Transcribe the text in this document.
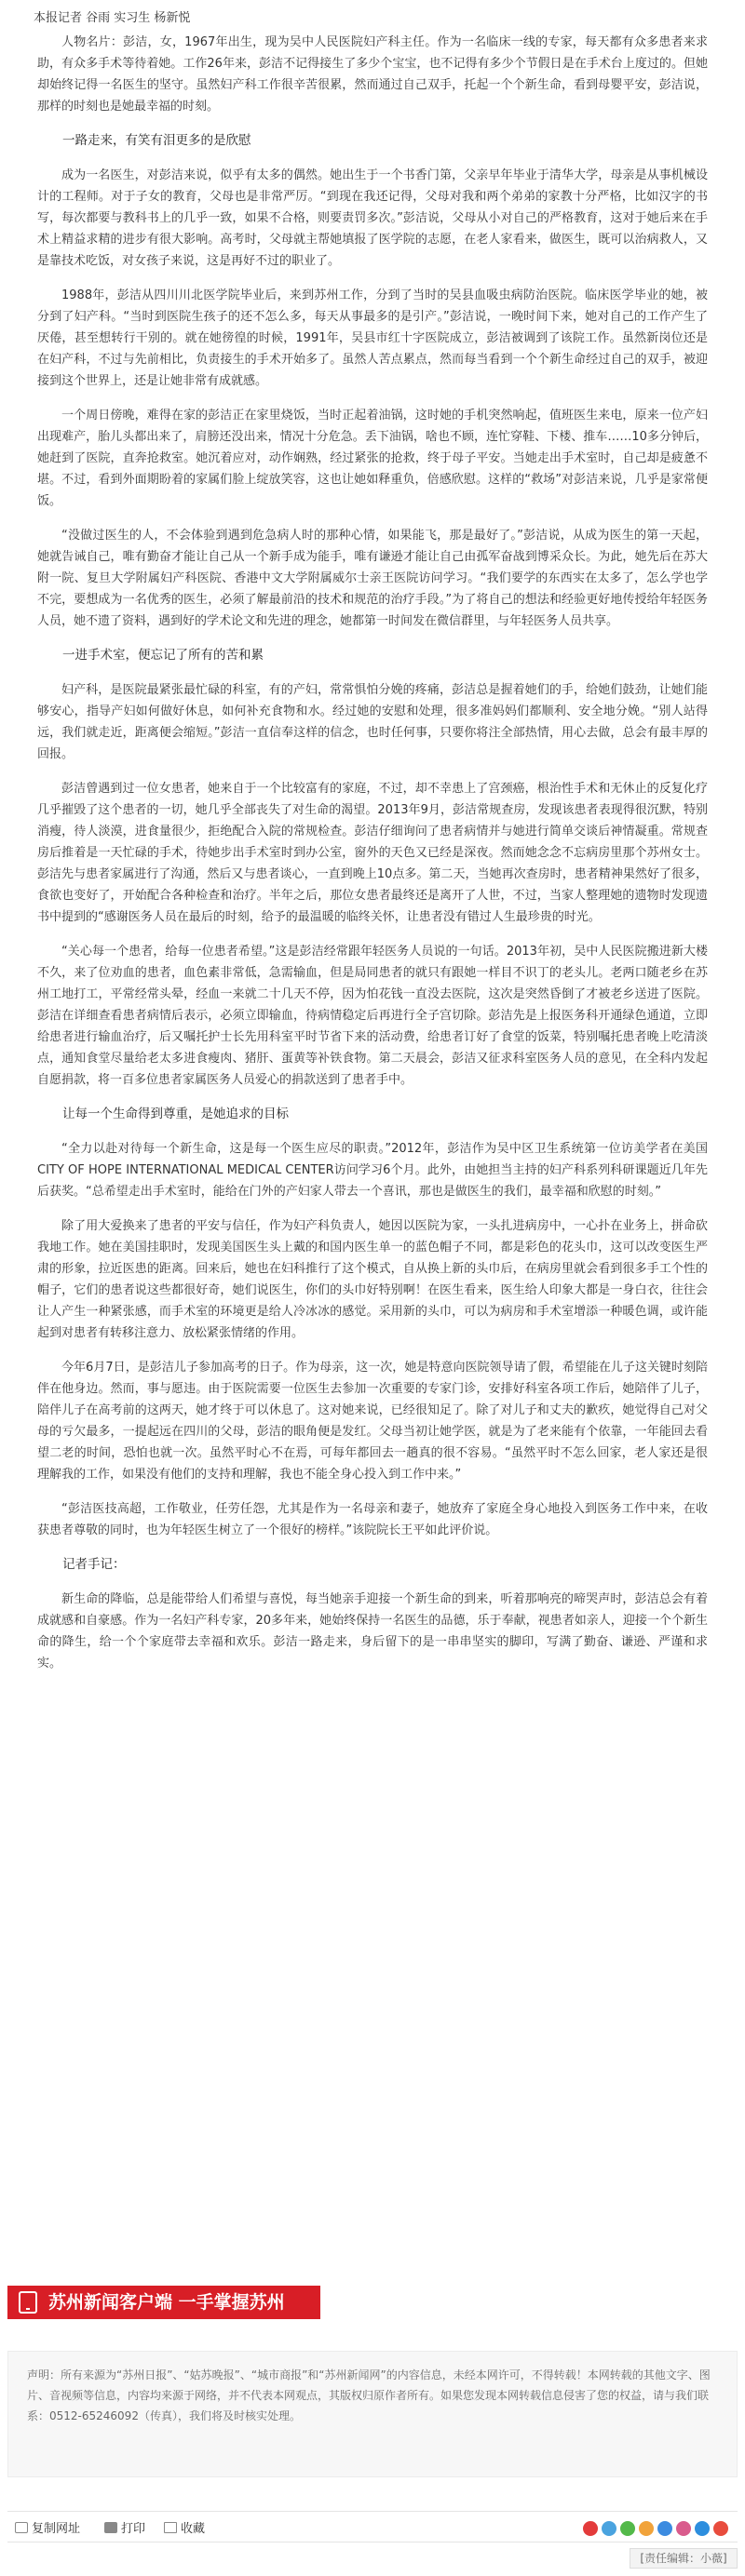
本报记者 谷雨 实习生 杨新悦

人物名片：彭洁，女，1967年出生，现为吴中人民医院妇产科主任。作为一名临床一线的专家，每天都有众多患者来求助，有众多手术等待着她。工作26年来，彭洁不记得接生了多少个宝宝，也不记得有多少个节假日是在手术台上度过的。但她却始终记得一名医生的坚守。虽然妇产科工作很辛苦很累，然而通过自己双手，托起一个个新生命，看到母婴平安，彭洁说，那样的时刻也是她最幸福的时刻。

一路走来，有笑有泪更多的是欣慰

成为一名医生，对彭洁来说，似乎有太多的偶然。她出生于一个书香门第，父亲早年毕业于清华大学，母亲是从事机械设计的工程师。对于子女的教育，父母也是非常严厉。“到现在我还记得，父母对我和两个弟弟的家教十分严格，比如汉字的书写，每次都要与教科书上的几乎一致，如果不合格，则要责罚多次。”彭洁说，父母从小对自己的严格教育，这对于她后来在手术上精益求精的进步有很大影响。高考时，父母就主帮她填报了医学院的志愿，在老人家看来，做医生，既可以治病救人，又是靠技术吃饭，对女孩子来说，这是再好不过的职业了。

1988年，彭洁从四川川北医学院毕业后，来到苏州工作，分到了当时的吴县血吸虫病防治医院。临床医学毕业的她，被分到了妇产科。“当时到医院生孩子的还不怎么多，每天从事最多的是引产。”彭洁说，一晚时间下来，她对自己的工作产生了厌倦，甚至想转行干别的。就在她徬徨的时候，1991年，吴县市红十字医院成立，彭洁被调到了该院工作。虽然新岗位还是在妇产科，不过与先前相比，负责接生的手术开始多了。虽然人苦点累点，然而每当看到一个个新生命经过自己的双手，被迎接到这个世界上，还是让她非常有成就感。

一个周日傍晚，难得在家的彭洁正在家里烧饭，当时正起着油锅，这时她的手机突然响起，值班医生来电，原来一位产妇出现难产，胎儿头都出来了，肩膀还没出来，情况十分危急。丢下油锅，啥也不顾，连忙穿鞋、下楼、推车……10多分钟后，她赶到了医院，直奔抢救室。她沉着应对，动作娴熟，经过紧张的抢救，终于母子平安。当她走出手术室时，自己却是疲惫不堪。不过，看到外面期盼着的家属们脸上绽放笑容，这也让她如释重负，倍感欣慰。这样的“救场”对彭洁来说，几乎是家常便饭。

“没做过医生的人，不会体验到遇到危急病人时的那种心情，如果能飞，那是最好了。”彭洁说，从成为医生的第一天起，她就告诫自己，唯有勤奋才能让自己从一个新手成为能手，唯有谦逊才能让自己由孤军奋战到博采众长。为此，她先后在苏大附一院、复旦大学附属妇产科医院、香港中文大学附属威尔士亲王医院访问学习。“我们要学的东西实在太多了，怎么学也学不完，要想成为一名优秀的医生，必须了解最前沿的技术和规范的治疗手段。”为了将自己的想法和经验更好地传授给年轻医务人员，她不遗了资料，遇到好的学术论文和先进的理念，她都第一时间发在微信群里，与年轻医务人员共享。

一进手术室，便忘记了所有的苦和累

妇产科，是医院最紧张最忙碌的科室，有的产妇，常常惧怕分娩的疼痛，彭洁总是握着她们的手，给她们鼓劲，让她们能够安心，指导产妇如何做好休息，如何补充食物和水。经过她的安慰和处理，很多准妈妈们都顺利、安全地分娩。“别人站得远，我们就走近，距离便会缩短。”彭洁一直信奉这样的信念，也时任何事，只要你将注全部热情，用心去做，总会有最丰厚的回报。

彭洁曾遇到过一位女患者，她来自于一个比较富有的家庭，不过，却不幸患上了宫颈癌，根治性手术和无休止的反复化疗几乎摧毁了这个患者的一切，她几乎全部丧失了对生命的渴望。2013年9月，彭洁常规查房，发现该患者表现得很沉默，特别消瘦，待人淡漠，进食量很少，拒绝配合入院的常规检查。彭洁仔细询问了患者病情并与她进行简单交谈后神情凝重。常规查房后推着是一天忙碌的手术，待她步出手术室时到办公室，窗外的天色又已经是深夜。然而她念念不忘病房里那个苏州女士。彭洁先与患者家属进行了沟通，然后又与患者谈心，一直到晚上10点多。第二天，当她再次查房时，患者精神果然好了很多，食欲也变好了，开始配合各种检查和治疗。半年之后，那位女患者最终还是离开了人世，不过，当家人整理她的遗物时发现遗书中提到的“感谢医务人员在最后的时刻，给予的最温暖的临终关怀，让患者没有错过人生最珍贵的时光。

“关心每一个患者，给每一位患者希望。”这是彭洁经常跟年轻医务人员说的一句话。2013年初，吴中人民医院搬进新大楼不久，来了位劝血的患者，血色素非常低，急需输血，但是局同患者的就只有跟她一样目不识丁的老头儿。老两口随老乡在苏州工地打工，平常经常头晕，经血一来就二十几天不停，因为怕花钱一直没去医院，这次是突然昏倒了才被老乡送进了医院。彭洁在详细查看患者病情后表示，必须立即输血，待病情稳定后再进行全子宫切除。彭洁先是上报医务科开通绿色通道，立即给患者进行输血治疗，后又嘱托护士长先用科室平时节省下来的活动费，给患者订好了食堂的饭菜，特别嘱托患者晚上吃清淡点，通知食堂尽量给老太多进食瘦肉、猪肝、蛋黄等补铁食物。第二天晨会，彭洁又征求科室医务人员的意见，在全科内发起自愿捐款，将一百多位患者家属医务人员爱心的捐款送到了患者手中。

让每一个生命得到尊重，是她追求的目标

“全力以赴对待每一个新生命，这是每一个医生应尽的职责。”2012年，彭洁作为吴中区卫生系统第一位访美学者在美国 CITY OF HOPE INTERNATIONAL MEDICAL CENTER访问学习6个月。此外，由她担当主持的妇产科系列科研课题近几年先后获奖。“总希望走出手术室时，能给在门外的产妇家人带去一个喜讯，那也是做医生的我们，最幸福和欣慰的时刻。”

除了用大爱换来了患者的平安与信任，作为妇产科负责人，她因以医院为家，一头扎进病房中，一心扑在业务上，拼命砍我地工作。她在美国挂职时，发现美国医生头上戴的和国内医生单一的蓝色帽子不同，都是彩色的花头巾，这可以改变医生严肃的形象，拉近医患的距离。回来后，她也在妇科推行了这个模式，自从换上新的头巾后，在病房里就会看到很多手工个性的帽子，它们的患者说这些都很好奇，她们说医生，你们的头巾好特别啊！在医生看来，医生给人印象大都是一身白衣，往往会让人产生一种紧张感，而手术室的环境更是给人冷冰冰的感觉。采用新的头巾，可以为病房和手术室增添一种暖色调，或许能起到对患者有转移注意力、放松紧张情绪的作用。

今年6月7日，是彭洁儿子参加高考的日子。作为母亲，这一次，她是特意向医院领导请了假，希望能在儿子这关键时刻陪伴在他身边。然而，事与愿违。由于医院需要一位医生去参加一次重要的专家门诊，安排好科室各项工作后，她陪伴了儿子，陪伴儿子在高考前的这两天，她才终于可以休息了。这对她来说，已经很知足了。除了对儿子和丈夫的歉疚，她觉得自己对父母的亏欠最多，一提起远在四川的父母，彭洁的眼角便是发红。父母当初让她学医，就是为了老来能有个依靠，一年能回去看望二老的时间，恐怕也就一次。虽然平时心不在焉，可每年都回去一趟真的很不容易。“虽然平时不怎么回家，老人家还是很理解我的工作，如果没有他们的支持和理解，我也不能全身心投入到工作中来。”

“彭洁医技高超，工作敬业，任劳任怨，尤其是作为一名母亲和妻子，她放弃了家庭全身心地投入到医务工作中来，在收获患者尊敬的同时，也为年轻医生树立了一个很好的榜样。”该院院长王平如此评价说。

记者手记：

新生命的降临，总是能带给人们希望与喜悦，每当她亲手迎接一个新生命的到来，听着那响亮的啼哭声时，彭洁总会有着成就感和自豪感。作为一名妇产科专家，20多年来，她始终保持一名医生的品德，乐于奉献，视患者如亲人，迎接一个个新生命的降生，给一个个家庭带去幸福和欢乐。彭洁一路走来，身后留下的是一串串坚实的脚印，写满了勤奋、谦逊、严谨和求实。

苏州新闻客户端 一手掌握苏州
声明：所有来源为“苏州日报”、“姑苏晚报”、“城市商报”和“苏州新闻网”的内容信息，未经本网许可，不得转载！本网转载的其他文字、图片、音视频等信息，内容均来源于网络，并不代表本网观点，其版权归原作者所有。如果您发现本网转载信息侵害了您的权益，请与我们联系：0512-65246092（传真），我们将及时核实处理。
复制网址	打印	收藏
[责任编辑：小薇]
